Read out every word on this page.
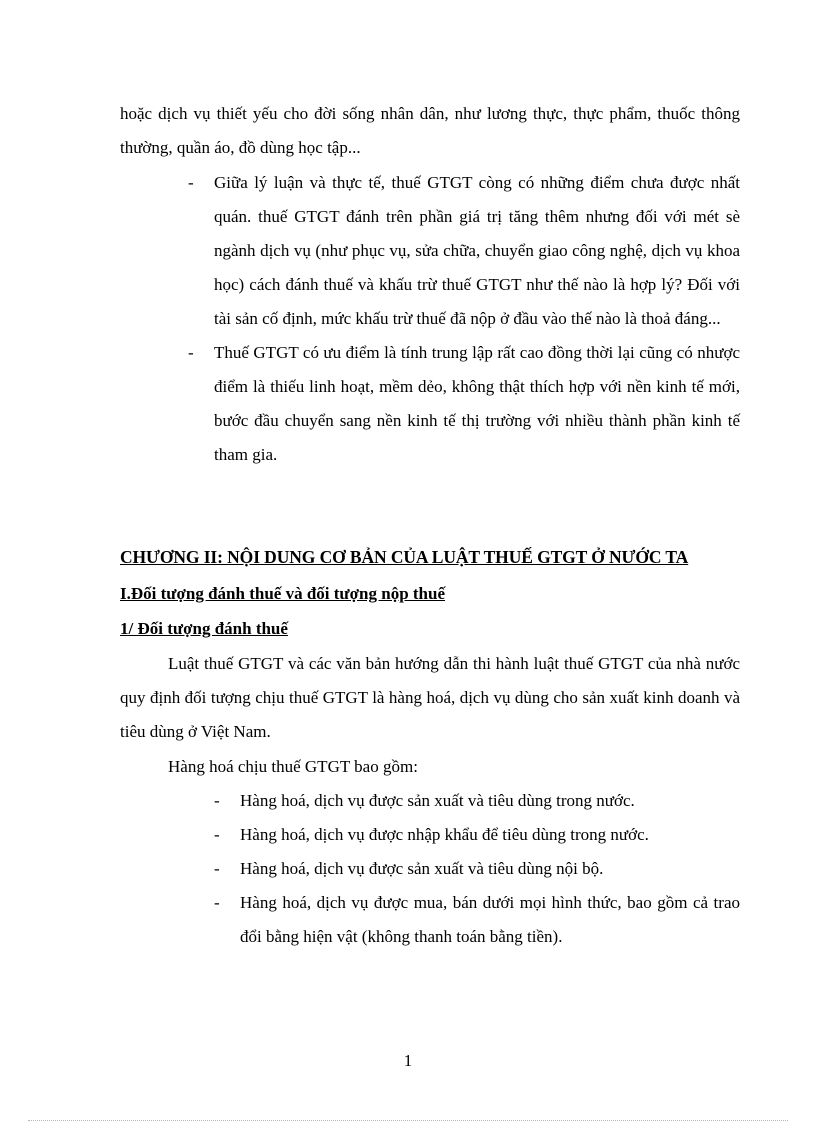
hoặc dịch vụ thiết yếu cho đời sống nhân dân, như lương thực, thực phẩm, thuốc thông thường, quần áo, đồ dùng học tập...

- Giữa lý luận và thực tế, thuế GTGT còng có những điểm chưa được nhất quán. thuế GTGT đánh trên phần giá trị tăng thêm nhưng đối với mét sè ngành dịch vụ (như phục vụ, sửa chữa, chuyển giao công nghệ, dịch vụ khoa học) cách đánh thuế và khấu trừ thuế GTGT như thế nào là hợp lý? Đối với tài sản cố định, mức khấu trừ thuế đã nộp ở đầu vào thế nào là thoả đáng...
- Thuế GTGT có ưu điểm là tính trung lập rất cao đồng thời lại cũng có nhược điểm là thiếu linh hoạt, mềm dẻo, không thật thích hợp với nền kinh tế mới, bước đầu chuyển sang nền kinh tế thị trường với nhiều thành phần kinh tế tham gia.
CHƯƠNG II: NỘI DUNG CƠ BẢN CỦA LUẬT THUẾ GTGT Ở NƯỚC TA
I.Đối tượng đánh thuế và đối tượng nộp thuế
1/ Đối tượng đánh thuế

Luật thuế GTGT và các văn bản hướng dẫn thi hành luật thuế GTGT của nhà nước quy định đối tượng chịu thuế GTGT là hàng hoá, dịch vụ dùng cho sản xuất kinh doanh và tiêu dùng ở Việt Nam.

Hàng hoá chịu thuế GTGT bao gồm:

- Hàng hoá, dịch vụ được sản xuất và tiêu dùng trong nước.
- Hàng hoá, dịch vụ được nhập khẩu để tiêu dùng trong nước.
- Hàng hoá, dịch vụ được sản xuất và tiêu dùng nội bộ.
- Hàng hoá, dịch vụ được mua, bán dưới mọi hình thức, bao gồm cả trao đổi bằng hiện vật (không thanh toán bằng tiền).

1
